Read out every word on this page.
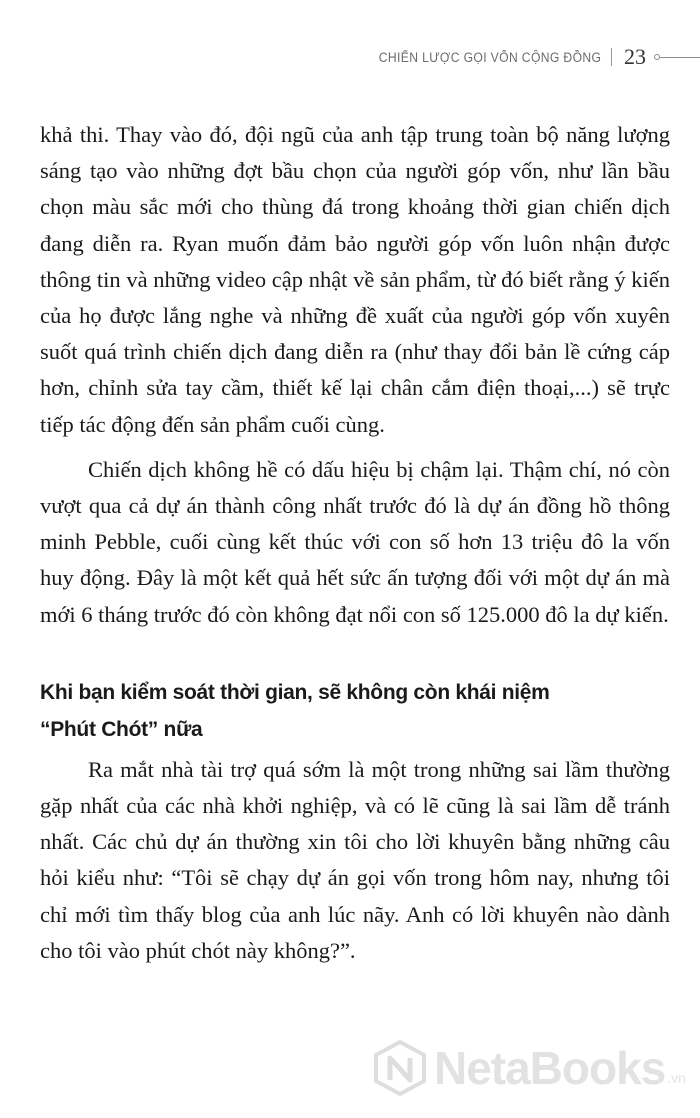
CHIẾN LƯỢC GỌI VỐN CỘNG ĐỒNG 23

khả thi. Thay vào đó, đội ngũ của anh tập trung toàn bộ năng lượng sáng tạo vào những đợt bầu chọn của người góp vốn, như lần bầu chọn màu sắc mới cho thùng đá trong khoảng thời gian chiến dịch đang diễn ra. Ryan muốn đảm bảo người góp vốn luôn nhận được thông tin và những video cập nhật về sản phẩm, từ đó biết rằng ý kiến của họ được lắng nghe và những đề xuất của người góp vốn xuyên suốt quá trình chiến dịch đang diễn ra (như thay đổi bản lề cứng cáp hơn, chỉnh sửa tay cầm, thiết kế lại chân cắm điện thoại,...) sẽ trực tiếp tác động đến sản phẩm cuối cùng.

Chiến dịch không hề có dấu hiệu bị chậm lại. Thậm chí, nó còn vượt qua cả dự án thành công nhất trước đó là dự án đồng hồ thông minh Pebble, cuối cùng kết thúc với con số hơn 13 triệu đô la vốn huy động. Đây là một kết quả hết sức ấn tượng đối với một dự án mà mới 6 tháng trước đó còn không đạt nổi con số 125.000 đô la dự kiến.

Khi bạn kiểm soát thời gian, sẽ không còn khái niệm
“Phút Chót” nữa

Ra mắt nhà tài trợ quá sớm là một trong những sai lầm thường gặp nhất của các nhà khởi nghiệp, và có lẽ cũng là sai lầm dễ tránh nhất. Các chủ dự án thường xin tôi cho lời khuyên bằng những câu hỏi kiểu như: “Tôi sẽ chạy dự án gọi vốn trong hôm nay, nhưng tôi chỉ mới tìm thấy blog của anh lúc nãy. Anh có lời khuyên nào dành cho tôi vào phút chót này không?”.

NetaBooks .vn
